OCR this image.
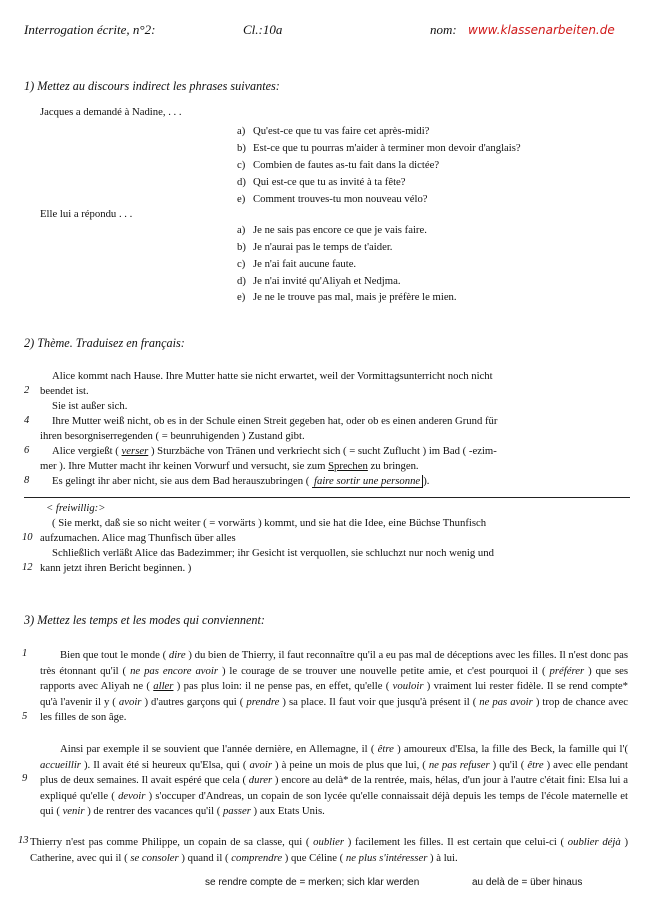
Interrogation écrite, n°2:	Cl.:10a	nom: www.klassenarbeiten.de
1) Mettez au discours indirect les phrases suivantes:
Jacques a demandé à Nadine, . . .
a) Qu'est-ce que tu vas faire cet après-midi?
b) Est-ce que tu pourras m'aider à terminer mon devoir d'anglais?
c) Combien de fautes as-tu fait dans la dictée?
d) Qui est-ce que tu as invité à ta fête?
e) Comment trouves-tu mon nouveau vélo?
Elle lui a répondu . . .
a) Je ne sais pas encore ce que je vais faire.
b) Je n'aurai pas le temps de t'aider.
c) Je n'ai fait aucune faute.
d) Je n'ai invité qu'Aliyah et Nedjma.
e) Je ne le trouve pas mal, mais je préfère le mien.
2) Thème. Traduisez en français:
Alice kommt nach Hause. Ihre Mutter hatte sie nicht erwartet, weil der Vormittagsunterricht noch nicht
2 beendet ist.
Sie ist außer sich.
4 Ihre Mutter weiß nicht, ob es in der Schule einen Streit gegeben hat, oder ob es einen anderen Grund für
ihren besorgniserregenden ( = beunruhigenden ) Zustand gibt.
6 Alice vergießt ( verser ) Sturzbäche von Tränen und verkriecht sich ( = sucht Zuflucht ) im Bad ( -ezim-
mer ). Ihre Mutter macht ihr keinen Vorwurf und versucht, sie zum Sprechen zu bringen.
8 Es gelingt ihr aber nicht, sie aus dem Bad herauszubringen ( faire sortir une personne ).
< freiwillig:>
( Sie merkt, daß sie so nicht weiter ( = vorwärts ) kommt, und sie hat die Idee, eine Büchse Thunfisch
10 aufzumachen. Alice mag Thunfisch über alles
Schließlich verläßt Alice das Badezimmer; ihr Gesicht ist verquollen, sie schluchzt nur noch wenig und
12 kann jetzt ihren Bericht beginnen. )
3) Mettez les temps et les modes qui conviennent:
1
5
9
13
Bien que tout le monde ( dire ) du bien de Thierry, il faut reconnaître qu'il a eu pas mal de déceptions avec les filles. Il n'est donc pas très étonnant qu'il ( ne pas encore avoir ) le courage de se trouver une nouvelle petite amie, et c'est pourquoi il ( préférer ) que ses rapports avec Aliyah ne ( aller ) pas plus loin: il ne pense pas, en effet, qu'elle ( vouloir ) vraiment lui rester fidèle. Il se rend compte* qu'à l'avenir il y ( avoir ) d'autres garçons qui ( prendre ) sa place. Il faut voir que jusqu'à présent il ( ne pas avoir ) trop de chance avec les filles de son âge.
Ainsi par exemple il se souvient que l'année dernière, en Allemagne, il ( être ) amoureux d'Elsa, la fille des Beck, la famille qui l'( accueillir ). Il avait été si heureux qu'Elsa, qui ( avoir ) à peine un mois de plus que lui, ( ne pas refuser ) qu'il ( être ) avec elle pendant plus de deux semaines. Il avait espéré que cela ( durer ) encore au delà* de la rentrée, mais, hélas, d'un jour à l'autre c'était fini: Elsa lui a expliqué qu'elle ( devoir ) s'occuper d'Andreas, un copain de son lycée qu'elle connaissait déjà depuis les temps de l'école maternelle et qui ( venir ) de rentrer des vacances qu'il ( passer ) aux Etats Unis.
Thierry n'est pas comme Philippe, un copain de sa classe, qui ( oublier ) facilement les filles. Il est certain que celui-ci ( oublier déjà ) Catherine, avec qui il ( se consoler ) quand il ( comprendre ) que Céline ( ne plus s'intéresser ) à lui.
se rendre compte de = merken; sich klar werden	au delà de = über hinaus
